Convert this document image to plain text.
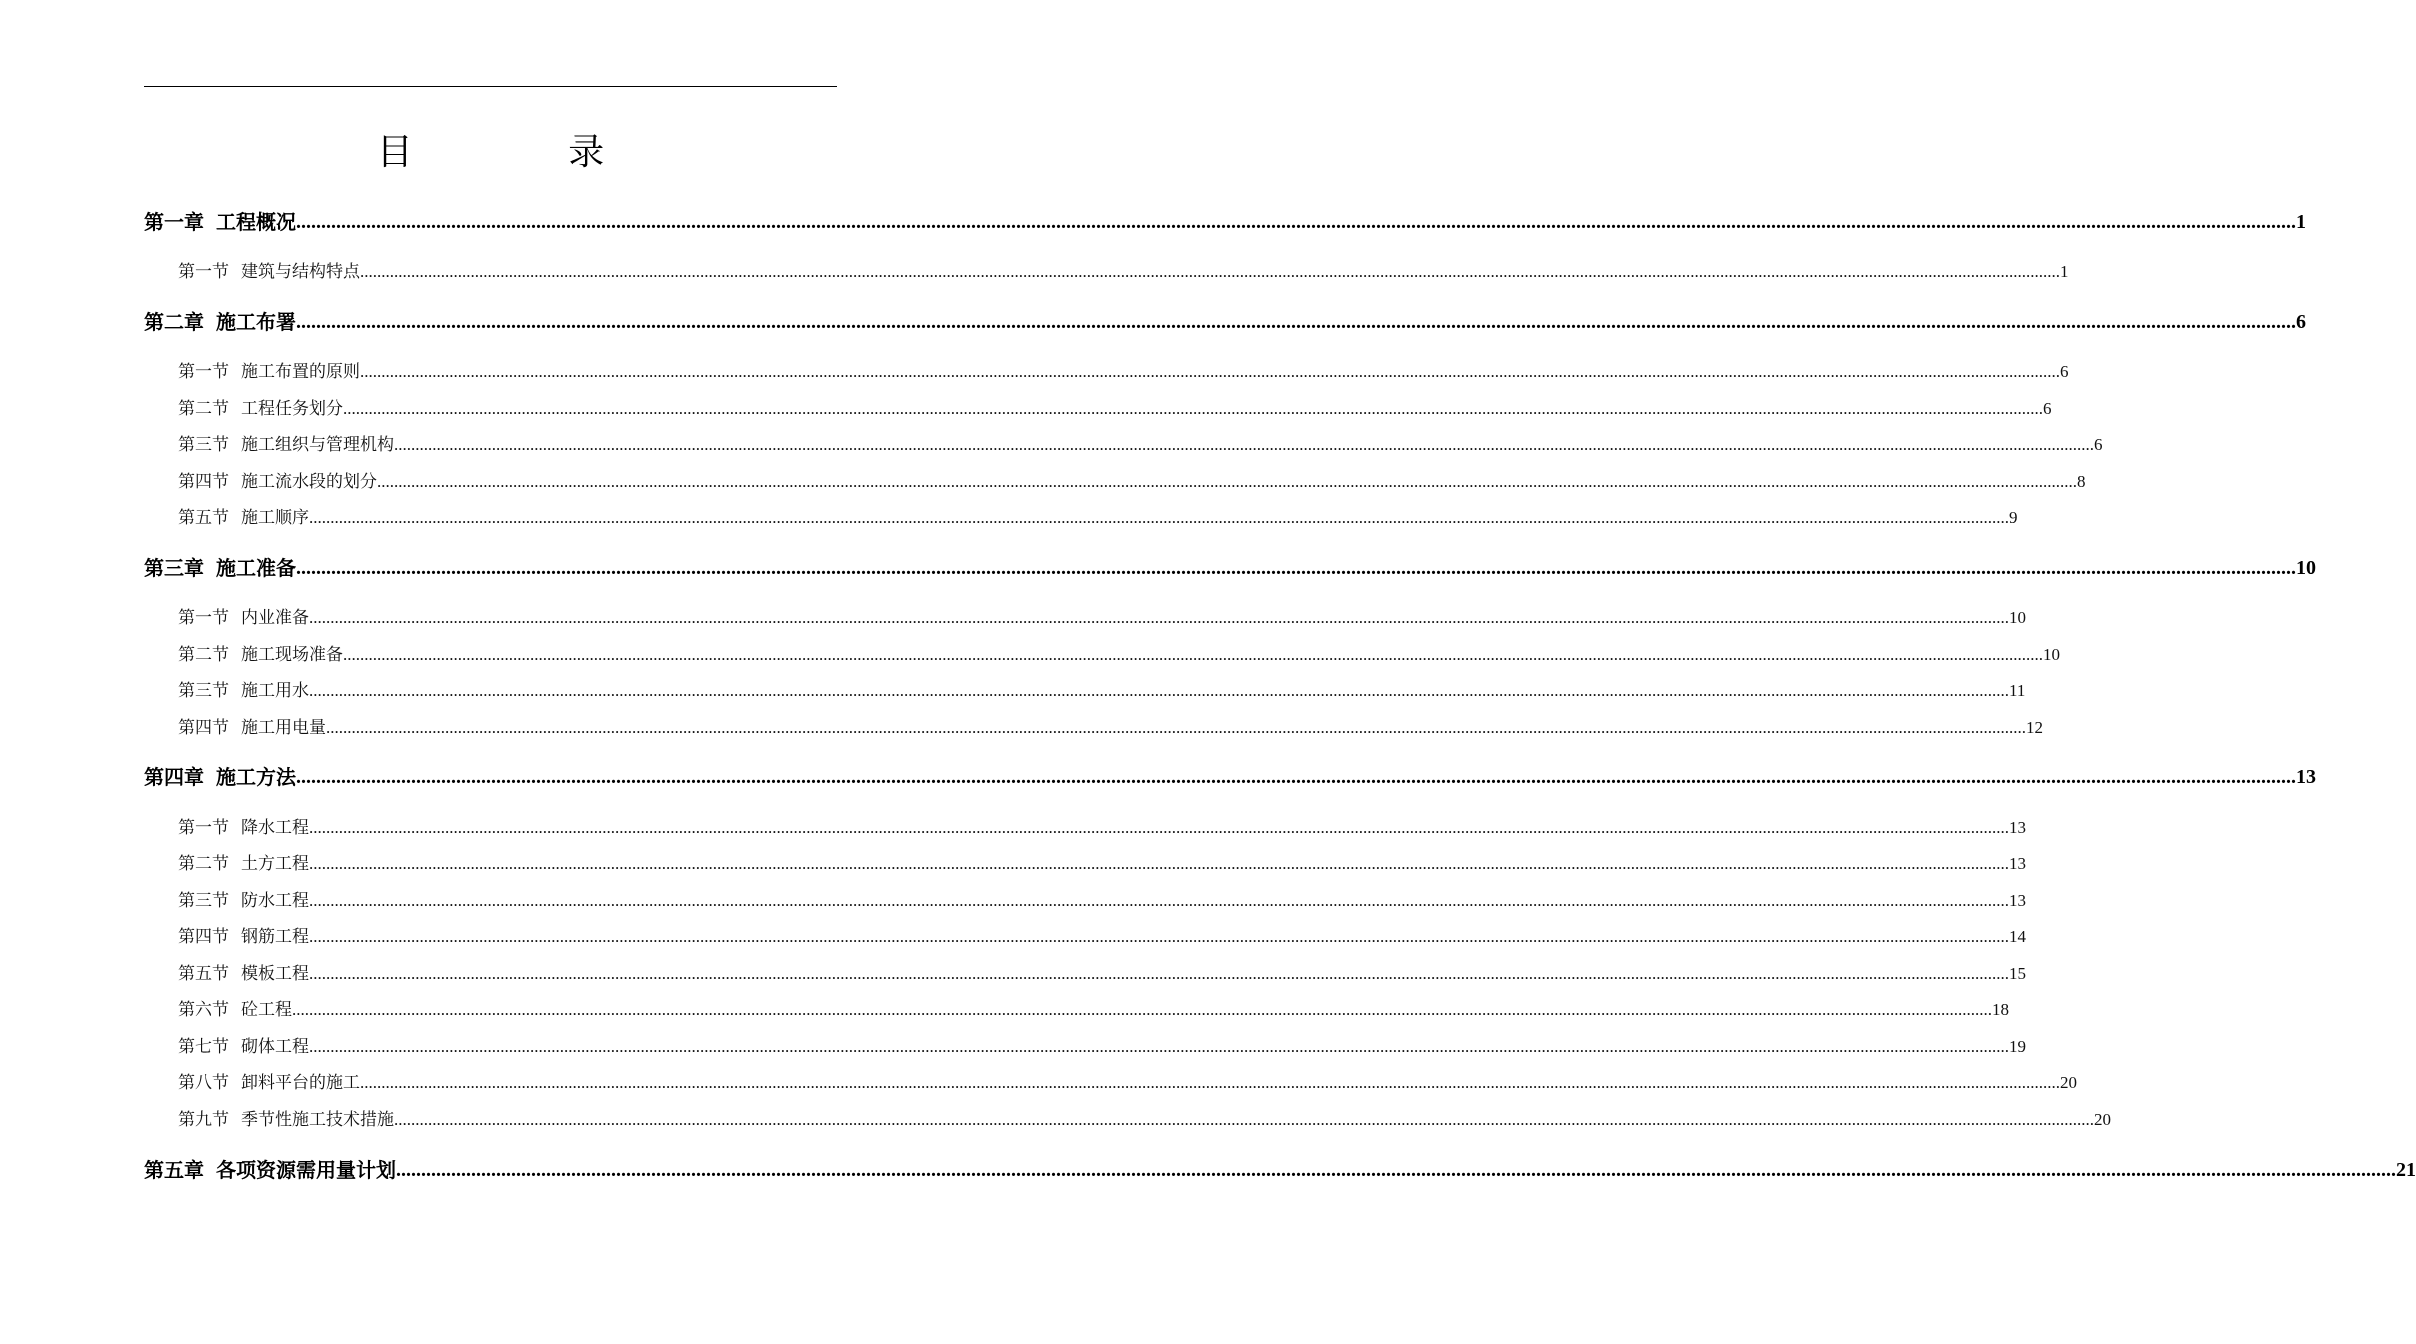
目 录
第一章 工程概况 ................................................................................................................................................................................................................................................................................................................................................................................................................ 1
第一节 建筑与结构特点 ................................................................................................................................................................................................................................................................................................................................................................................................................ 1
第二章 施工布署 ................................................................................................................................................................................................................................................................................................................................................................................................................ 6
第一节 施工布置的原则 ................................................................................................................................................................................................................................................................................................................................................................................................................ 6
第二节 工程任务划分 ................................................................................................................................................................................................................................................................................................................................................................................................................ 6
第三节 施工组织与管理机构 ................................................................................................................................................................................................................................................................................................................................................................................................................ 6
第四节 施工流水段的划分 ................................................................................................................................................................................................................................................................................................................................................................................................................ 8
第五节 施工顺序 ................................................................................................................................................................................................................................................................................................................................................................................................................ 9
第三章 施工准备 ................................................................................................................................................................................................................................................................................................................................................................................................................ 10
第一节 内业准备 ................................................................................................................................................................................................................................................................................................................................................................................................................ 10
第二节 施工现场准备 ................................................................................................................................................................................................................................................................................................................................................................................................................ 10
第三节 施工用水 ................................................................................................................................................................................................................................................................................................................................................................................................................ 11
第四节 施工用电量 ................................................................................................................................................................................................................................................................................................................................................................................................................ 12
第四章 施工方法 ................................................................................................................................................................................................................................................................................................................................................................................................................ 13
第一节 降水工程 ................................................................................................................................................................................................................................................................................................................................................................................................................ 13
第二节 土方工程 ................................................................................................................................................................................................................................................................................................................................................................................................................ 13
第三节 防水工程 ................................................................................................................................................................................................................................................................................................................................................................................................................ 13
第四节 钢筋工程 ................................................................................................................................................................................................................................................................................................................................................................................................................ 14
第五节 模板工程 ................................................................................................................................................................................................................................................................................................................................................................................................................ 15
第六节 砼工程 ................................................................................................................................................................................................................................................................................................................................................................................................................ 18
第七节 砌体工程 ................................................................................................................................................................................................................................................................................................................................................................................................................ 19
第八节 卸料平台的施工 ................................................................................................................................................................................................................................................................................................................................................................................................................ 20
第九节 季节性施工技术措施 ................................................................................................................................................................................................................................................................................................................................................................................................................ 20
第五章 各项资源需用量计划 ................................................................................................................................................................................................................................................................................................................................................................................................................ 21
